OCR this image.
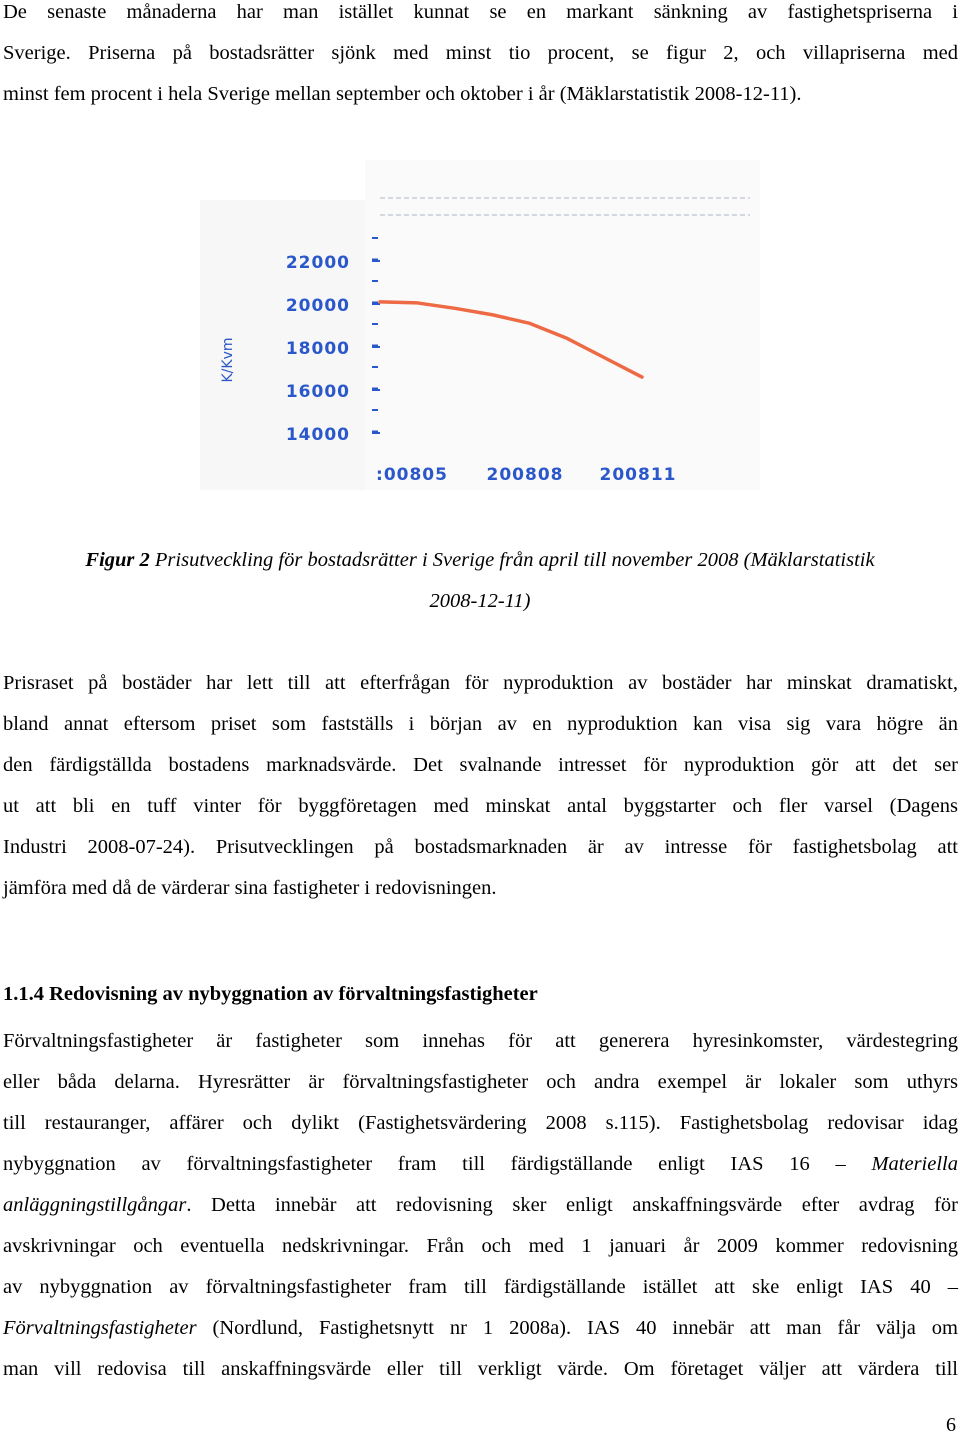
De senaste månaderna har man istället kunnat se en markant sänkning av fastighetspriserna i
Sverige. Priserna på bostadsrätter sjönk med minst tio procent, se figur 2, och villapriserna med
minst fem procent i hela Sverige mellan september och oktober i år (Mäklarstatistik 2008-12-11).
22000
20000
18000
16000
14000
:00805 200808 200811
K/Kvm
Figur 2 Prisutveckling för bostadsrätter i Sverige från april till november 2008 (Mäklarstatistik
2008-12-11)
Prisraset på bostäder har lett till att efterfrågan för nyproduktion av bostäder har minskat dramatiskt,
bland annat eftersom priset som fastställs i början av en nyproduktion kan visa sig vara högre än
den färdigställda bostadens marknadsvärde. Det svalnande intresset för nyproduktion gör att det ser
ut att bli en tuff vinter för byggföretagen med minskat antal byggstarter och fler varsel (Dagens
Industri 2008-07-24). Prisutvecklingen på bostadsmarknaden är av intresse för fastighetsbolag att
jämföra med då de värderar sina fastigheter i redovisningen.
1.1.4 Redovisning av nybyggnation av förvaltningsfastigheter
Förvaltningsfastigheter är fastigheter som innehas för att generera hyresinkomster, värdestegring
eller båda delarna. Hyresrätter är förvaltningsfastigheter och andra exempel är lokaler som uthyrs
till restauranger, affärer och dylikt (Fastighetsvärdering 2008 s.115). Fastighetsbolag redovisar idag
nybyggnation av förvaltningsfastigheter fram till färdigställande enligt IAS 16 – Materiella
anläggningstillgångar. Detta innebär att redovisning sker enligt anskaffningsvärde efter avdrag för
avskrivningar och eventuella nedskrivningar. Från och med 1 januari år 2009 kommer redovisning
av nybyggnation av förvaltningsfastigheter fram till färdigställande istället att ske enligt IAS 40 –
Förvaltningsfastigheter (Nordlund, Fastighetsnytt nr 1 2008a). IAS 40 innebär att man får välja om
man vill redovisa till anskaffningsvärde eller till verkligt värde. Om företaget väljer att värdera till
6
